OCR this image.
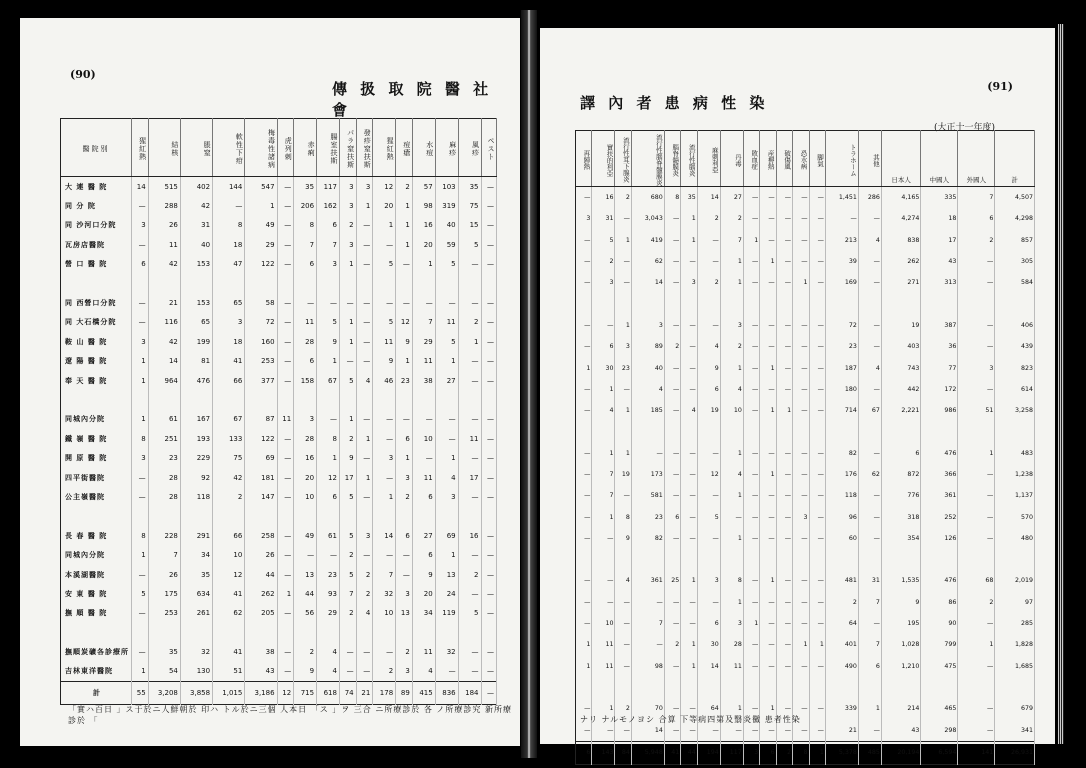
(90)
傳 扱 取 院 醫 社 會
醫院別	猩紅熱	結核	脹窒	軟性下疳	梅毒性諸病	虎列刺	赤痢	腸室扶斯	パラ窒扶斯	發疹窒扶斯	猩紅熱	痘瘡	水痘	麻疹	風疹	ペスト
大 連 醫 院	14	515	402	144	547	—	35	117	3	3	12	2	57	103	35	—
同 分 院	—	288	42	—	1	—	206	162	3	1	20	1	98	319	75	—
同 沙河口分院	3	26	31	8	49	—	8	6	2	—	1	1	16	40	15	—
瓦房店醫院	—	11	40	18	29	—	7	7	3	—	—	1	20	59	5	—
營 口 醫 院	6	42	153	47	122	—	6	3	1	—	5	—	1	5	—	—

同 西營口分院	—	21	153	65	58	—	—	—	—	—	—	—	—	—	—	—
同 大石橋分院	—	116	65	3	72	—	11	5	1	—	5	12	7	11	2	—
鞍 山 醫 院	3	42	199	18	160	—	28	9	1	—	11	9	29	5	1	—
遼 陽 醫 院	1	14	81	41	253	—	6	1	—	—	9	1	11	1	—	—
奉 天 醫 院	1	964	476	66	377	—	158	67	5	4	46	23	38	27	—	—

同城內分院	1	61	167	67	87	11	3	—	1	—	—	—	—	—	—	—
鐵 嶺 醫 院	8	251	193	133	122	—	28	8	2	1	—	6	10	—	11	—
開 原 醫 院	3	23	229	75	69	—	16	1	9	—	3	1	—	1	—	—
四平街醫院	—	28	92	42	181	—	20	12	17	1	—	3	11	4	17	—
公主嶺醫院	—	28	118	2	147	—	10	6	5	—	1	2	6	3	—	—

長 春 醫 院	8	228	291	66	258	—	49	61	5	3	14	6	27	69	16	—
同城內分院	1	7	34	10	26	—	—	—	2	—	—	—	6	1	—	—
本溪湖醫院	—	26	35	12	44	—	13	23	5	2	7	—	9	13	2	—
安 東 醫 院	5	175	634	41	262	1	44	93	7	2	32	3	20	24	—	—
撫 順 醫 院	—	253	261	62	205	—	56	29	2	4	10	13	34	119	5	—

撫順炭礦各診療所	—	35	32	41	38	—	2	4	—	—	—	2	11	32	—	—
吉林東洋醫院	1	54	130	51	43	—	9	4	—	—	2	3	4	—	—	—
計	55	3,208	3,858	1,015	3,186	12	715	618	74	21	178	89	415	836	184	—
「實ハ百日 」ス于於ニ人鮮朝於 印ハ トル於ニ三個 人本日 「ス 」ヲ 三合 ニ所療診於 各 ノ所療診究 新所療診於 「
(91)
譯 內 者 患 病 性 染
(大正十一年度)
再歸熱	實扶的利亞	流行性耳下腺炎	流行性腦脊髓膜炎	腦脊髓膜炎	流行性腦炎	麻刺利亞	丹毒	敗血症	産褥熱	破傷風	恐水病	脚氣	トラホーム	其他	日本人	中國人	外國人	計
—	16	2	680	8	35	14	27	—	—	—	—	—	1,451	286	4,165	335	7	4,507
3	31	—	3,043	—	1	2	2	—	—	—	—	—	—	—	4,274	18	6	4,298
—	5	1	419	—	1	—	7	1	—	—	—	—	213	4	838	17	2	857
—	2	—	62	—	—	—	1	—	1	—	—	—	39	—	262	43	—	305
—	3	—	14	—	3	2	1	—	—	—	1	—	169	—	271	313	—	584

—	—	1	3	—	—	—	3	—	—	—	—	—	72	—	19	387	—	406
—	6	3	89	2	—	4	2	—	—	—	—	—	23	—	403	36	—	439
1	30	23	40	—	—	9	1	—	1	—	—	—	187	4	743	77	3	823
—	1	—	4	—	—	6	4	—	—	—	—	—	180	—	442	172	—	614
—	4	1	185	—	4	19	10	—	1	1	—	—	714	67	2,221	986	51	3,258

—	1	1	—	—	—	—	1	—	—	—	—	—	82	—	6	476	1	483
—	7	19	173	—	—	12	4	—	1	—	—	—	176	62	872	366	—	1,238
—	7	—	581	—	—	—	1	—	—	—	—	—	118	—	776	361	—	1,137
—	1	8	23	6	—	5	—	—	—	—	3	—	96	—	318	252	—	570
—	—	9	82	—	—	—	1	—	—	—	—	—	60	—	354	126	—	480

—	—	4	361	25	1	3	8	—	1	—	—	—	481	31	1,535	476	68	2,019
—	—	—	—	—	—	—	1	—	—	—	—	—	2	7	9	86	2	97
—	10	—	7	—	—	6	3	1	—	—	—	—	64	—	195	90	—	285
1	11	—	—	2	1	30	28	—	—	—	1	1	401	7	1,028	799	1	1,828
1	11	—	98	—	1	14	11	—	—	—	—	—	490	6	1,210	475	—	1,685

—	1	2	70	—	—	64	1	—	1	—	—	—	339	1	214	465	—	679
—	—	—	14	—	—	—	—	—	—	—	—	—	21	—	43	298	—	341
6	143	84	5,948	41	44	194	117	3	6	2	8	1	5,378	485	20,194	6,594	141	26,931
ナリ ナルモノヨシ 合算 下等病四第及翳炎黴 患者性染
